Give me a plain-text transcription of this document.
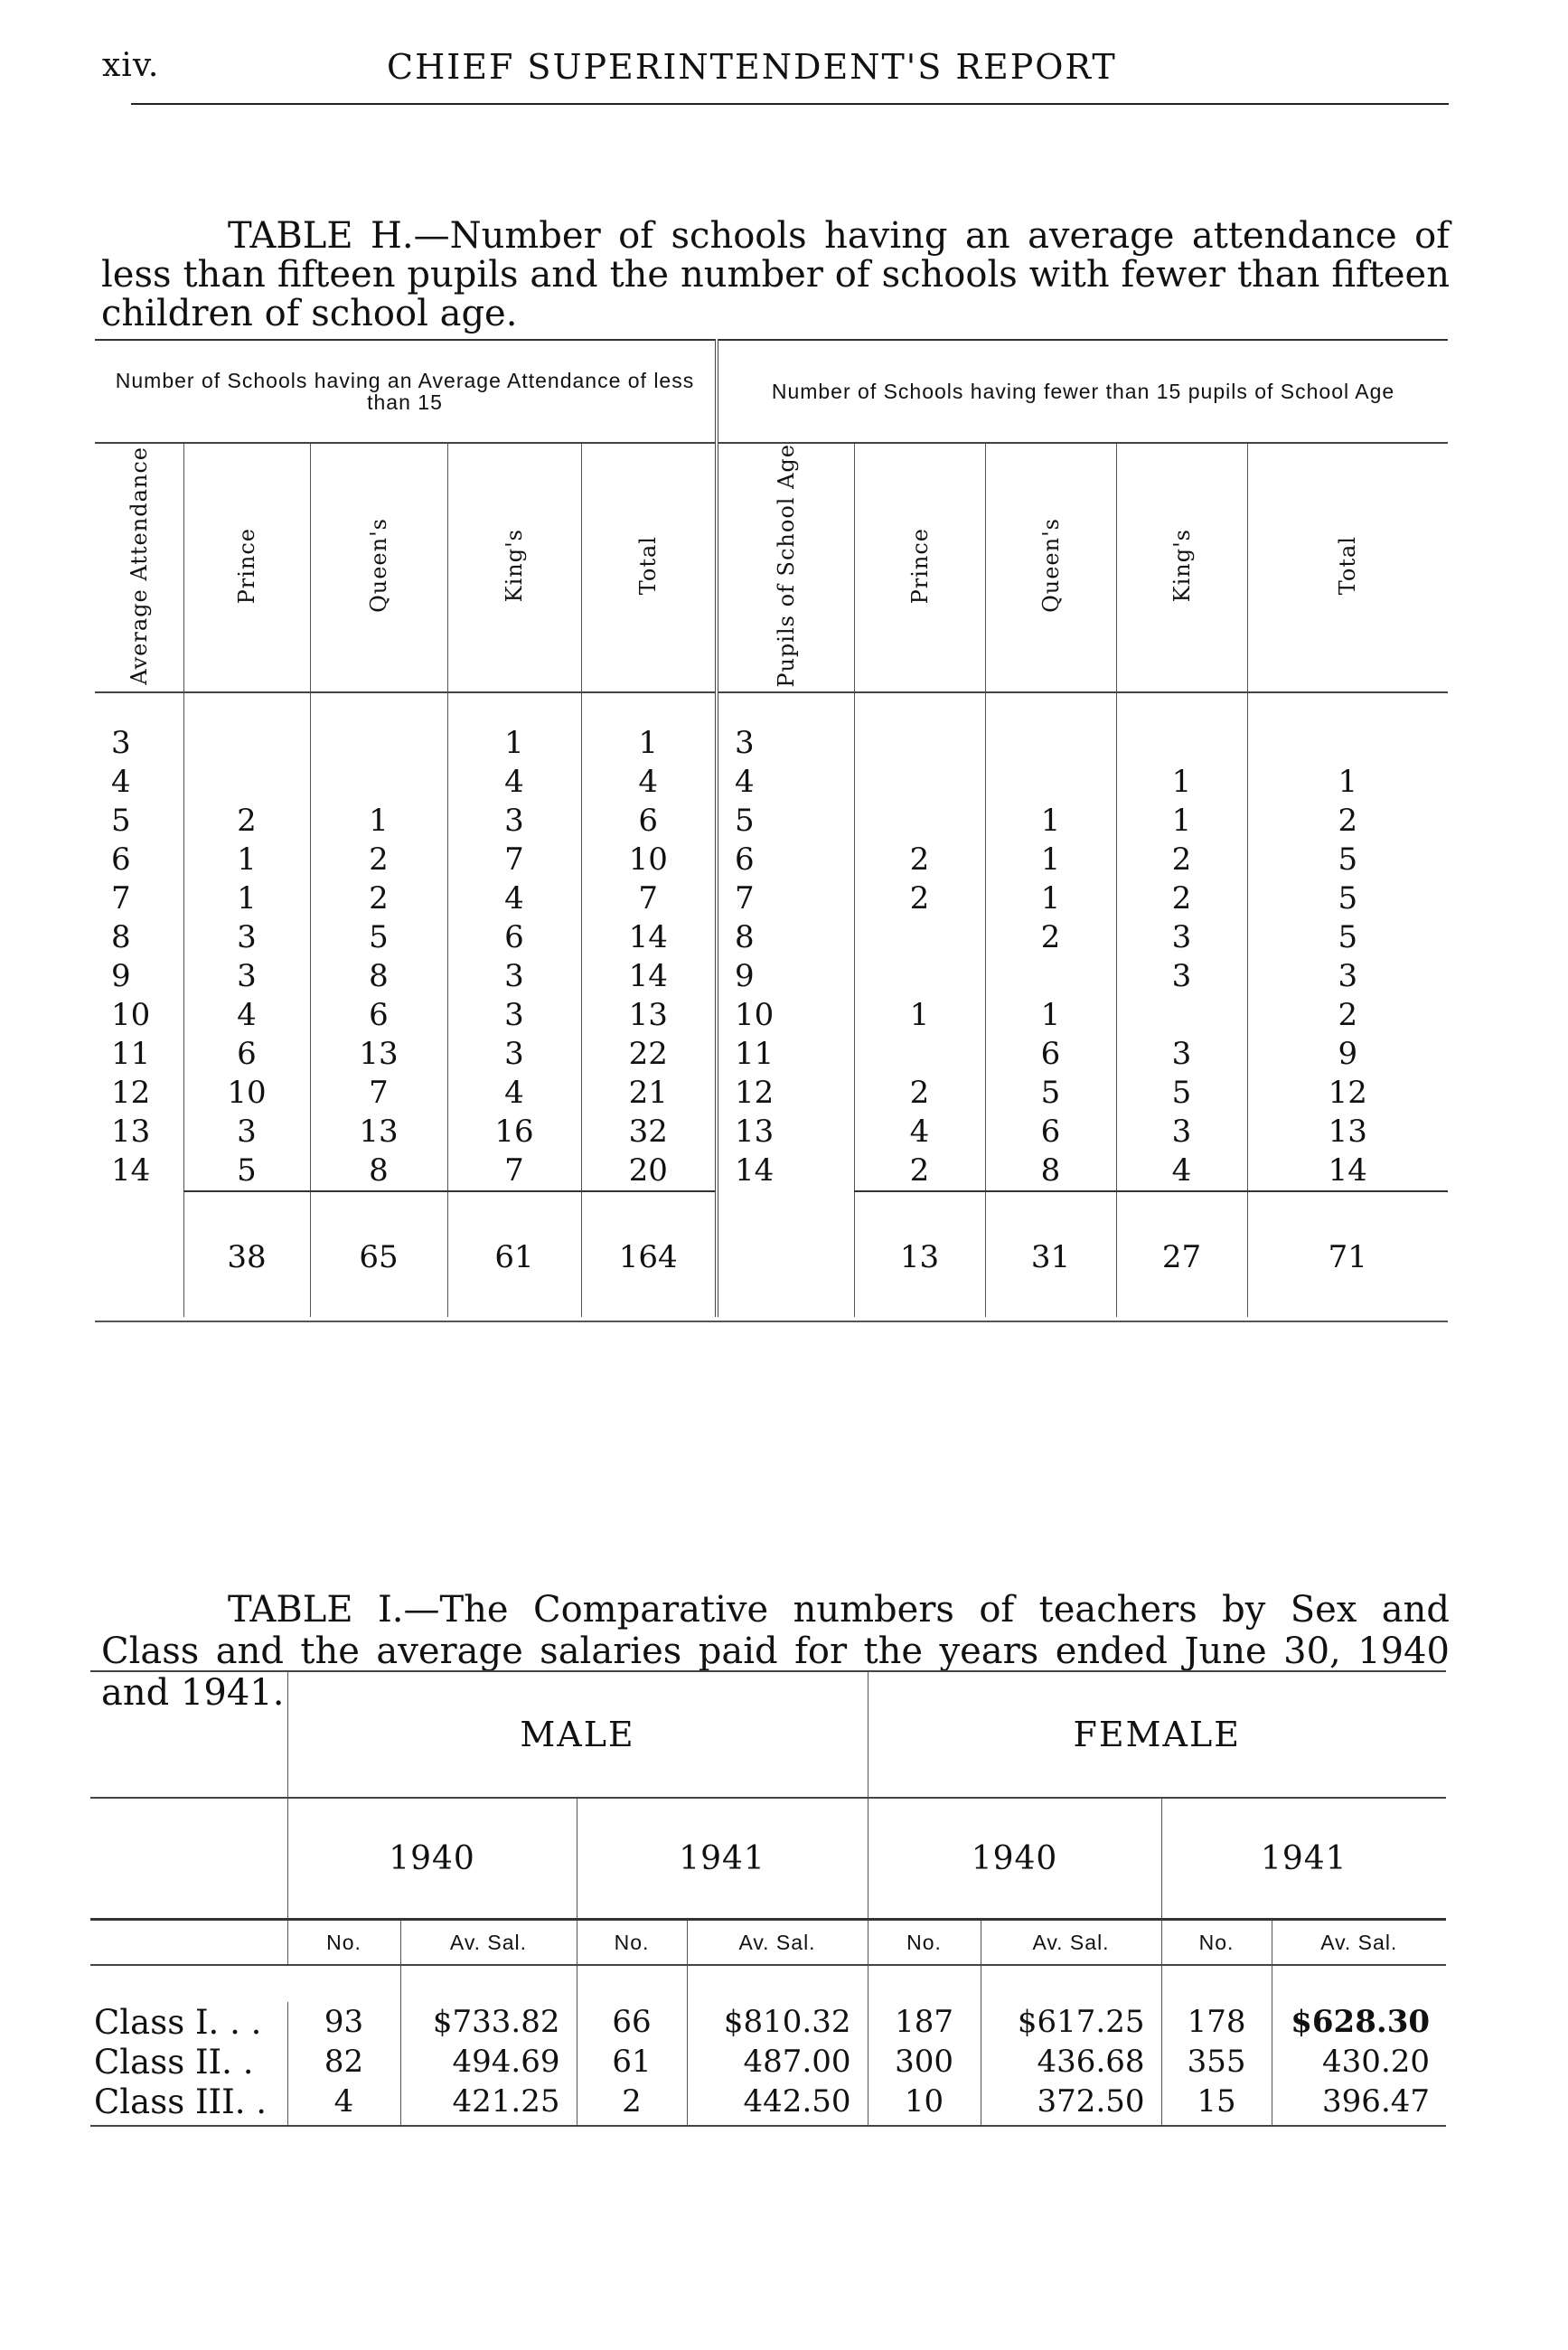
xiv.	CHIEF SUPERINTENDENT'S REPORT

TABLE H.—Number of schools having an average attendance of less than fifteen pupils and the number of schools with fewer than fifteen children of school age.

Number of Schools having an Average Attendance of less than 15					Number of Schools having fewer than 15 pupils of School Age				
Average Attendance	Prince	Queen's	King's	Total	Pupils of School Age	Prince	Queen's	King's	Total
3			1	1	3				
4			4	4	4			1	1
5	2	1	3	6	5		1	1	2
6	1	2	7	10	6	2	1	2	5
7	1	2	4	7	7	2	1	2	5
8	3	5	6	14	8		2	3	5
9	3	8	3	14	9			3	3
10	4	6	3	13	10	1	1		2
11	6	13	3	22	11		6	3	9
12	10	7	4	21	12	2	5	5	12
13	3	13	16	32	13	4	6	3	13
14	5	8	7	20	14	2	8	4	14
	38	65	61	164		13	31	27	71

TABLE I.—The Comparative numbers of teachers by Sex and Class and the average salaries paid for the years ended June 30, 1940 and 1941.

	MALE				FEMALE			
	1940		1941		1940		1941	
	No.	Av. Sal.	No.	Av. Sal.	No.	Av. Sal.	No.	Av. Sal.

Class I. . .	93	$733.82	66	$810.32	187	$617.25	178	$628.30
Class II. .	82	494.69	61	487.00	300	436.68	355	430.20
Class III. .	4	421.25	2	442.50	10	372.50	15	396.47
